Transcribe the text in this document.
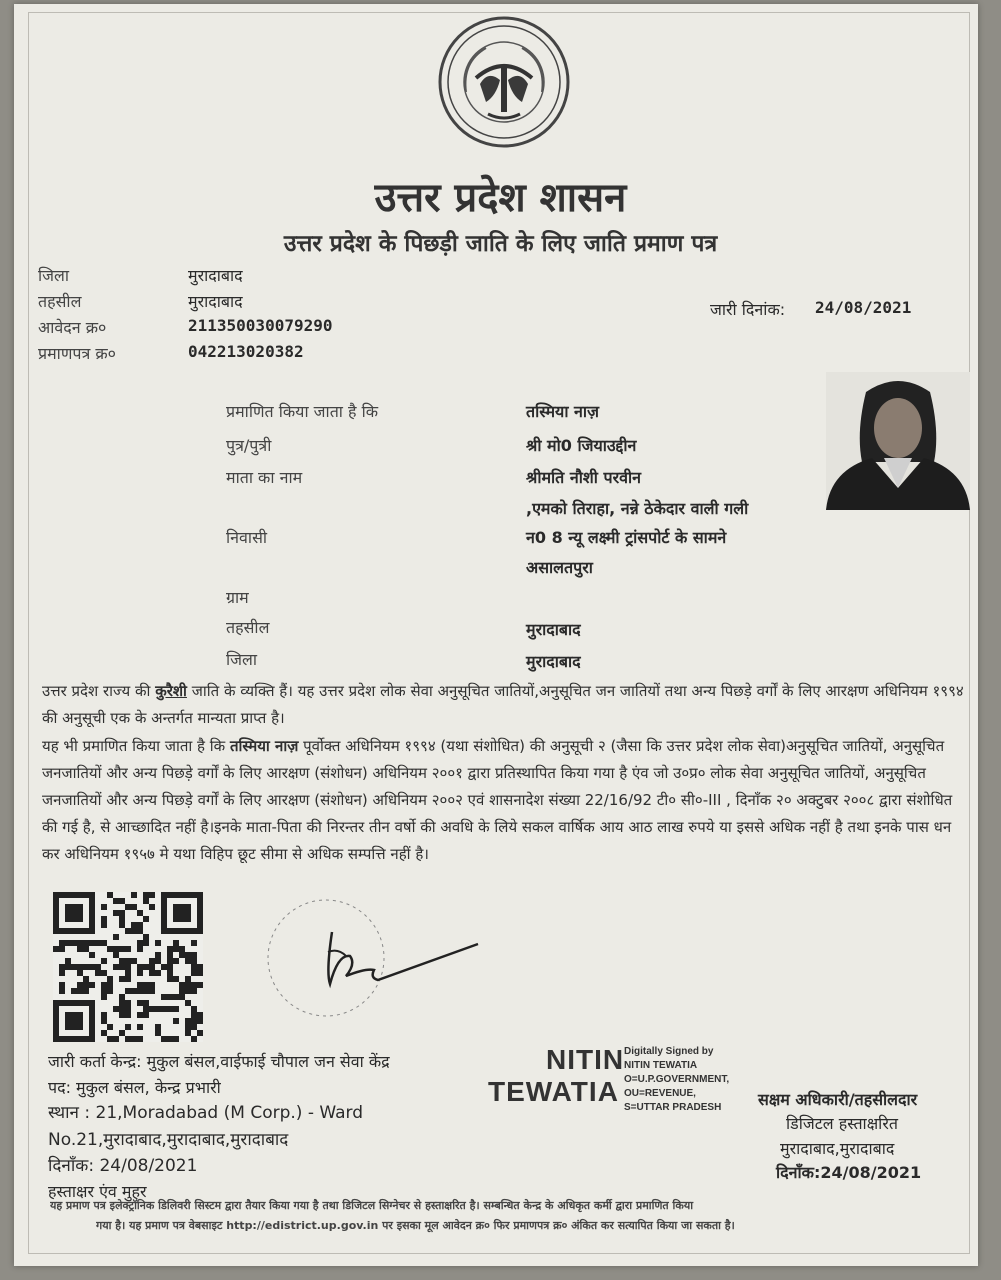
उत्तर प्रदेश शासन
उत्तर प्रदेश के पिछड़ी जाति के लिए जाति प्रमाण पत्र
जिला	मुरादाबाद
तहसील	मुरादाबाद
आवेदन क्र०	211350030079290
प्रमाणपत्र क्र०	042213020382
जारी दिनांक: 24/08/2021
प्रमाणित किया जाता है कि	तस्मिया नाज़
पुत्र/पुत्री	श्री मो0 जियाउद्दीन
माता का नाम	श्रीमति नौशी परवीन
,एमको तिराहा, नन्ने ठेकेदार वाली गली
निवासी	न0 8 न्यू लक्ष्मी ट्रांसपोर्ट के सामने
असालतपुरा
ग्राम
तहसील	मुरादाबाद
जिला	मुरादाबाद
उत्तर प्रदेश राज्य की कुरैशी जाति के व्यक्ति हैं। यह उत्तर प्रदेश लोक सेवा अनुसूचित जातियों,अनुसूचित जन जातियों तथा अन्य पिछड़े वर्गों के लिए आरक्षण अधिनियम १९९४ की अनुसूची एक के अन्तर्गत मान्यता प्राप्त है।
यह भी प्रमाणित किया जाता है कि तस्मिया नाज़ पूर्वोक्त अधिनियम १९९४ (यथा संशोधित) की अनुसूची २ (जैसा कि उत्तर प्रदेश लोक सेवा)अनुसूचित जातियों, अनुसूचित जनजातियों और अन्य पिछड़े वर्गों के लिए आरक्षण (संशोधन) अधिनियम २००१ द्वारा प्रतिस्थापित किया गया है एंव जो उ०प्र० लोक सेवा अनुसूचित जातियों, अनुसूचित जनजातियों और अन्य पिछड़े वर्गों के लिए आरक्षण (संशोधन) अधिनियम २००२ एवं शासनादेश संख्या 22/16/92 टी० सी०-III , दिनाँक २० अक्टुबर २००८ द्वारा संशोधित की गई है, से आच्छादित नहीं है।इनके माता-पिता की निरन्तर तीन वर्षो की अवधि के लिये सकल वार्षिक आय आठ लाख रुपये या इससे अधिक नहीं है तथा इनके पास धन कर अधिनियम १९५७ मे यथा विहिप छूट सीमा से अधिक सम्पत्ति नहीं है।
जारी कर्ता केन्द्र: मुकुल बंसल,वाईफाई चौपाल जन सेवा केंद्र
पद: मुकुल बंसल, केन्द्र प्रभारी
स्थान : 21,Moradabad (M Corp.) - Ward
No.21,मुरादाबाद,मुरादाबाद,मुरादाबाद
दिनाँक: 24/08/2021
हस्ताक्षर एंव मुहर
NITIN
TEWATIA
Digitally Signed by
NITIN TEWATIA
O=U.P.GOVERNMENT,
OU=REVENUE,
S=UTTAR PRADESH सक्षम अधिकारी/तहसीलदार
डिजिटल हस्ताक्षरित
मुरादाबाद,मुरादाबाद
दिनाँक:24/08/2021
यह प्रमाण पत्र इलेक्ट्रॉनिक डिलिवरी सिस्टम द्वारा तैयार किया गया है तथा डिजिटल सिग्नेचर से हस्ताक्षरित है। सम्बन्धित केन्द्र के अधिकृत कर्मी द्वारा प्रमाणित किया
गया है। यह प्रमाण पत्र वेबसाइट http://edistrict.up.gov.in पर इसका मूल आवेदन क्र० फिर प्रमाणपत्र क्र० अंकित कर सत्यापित किया जा सकता है।
